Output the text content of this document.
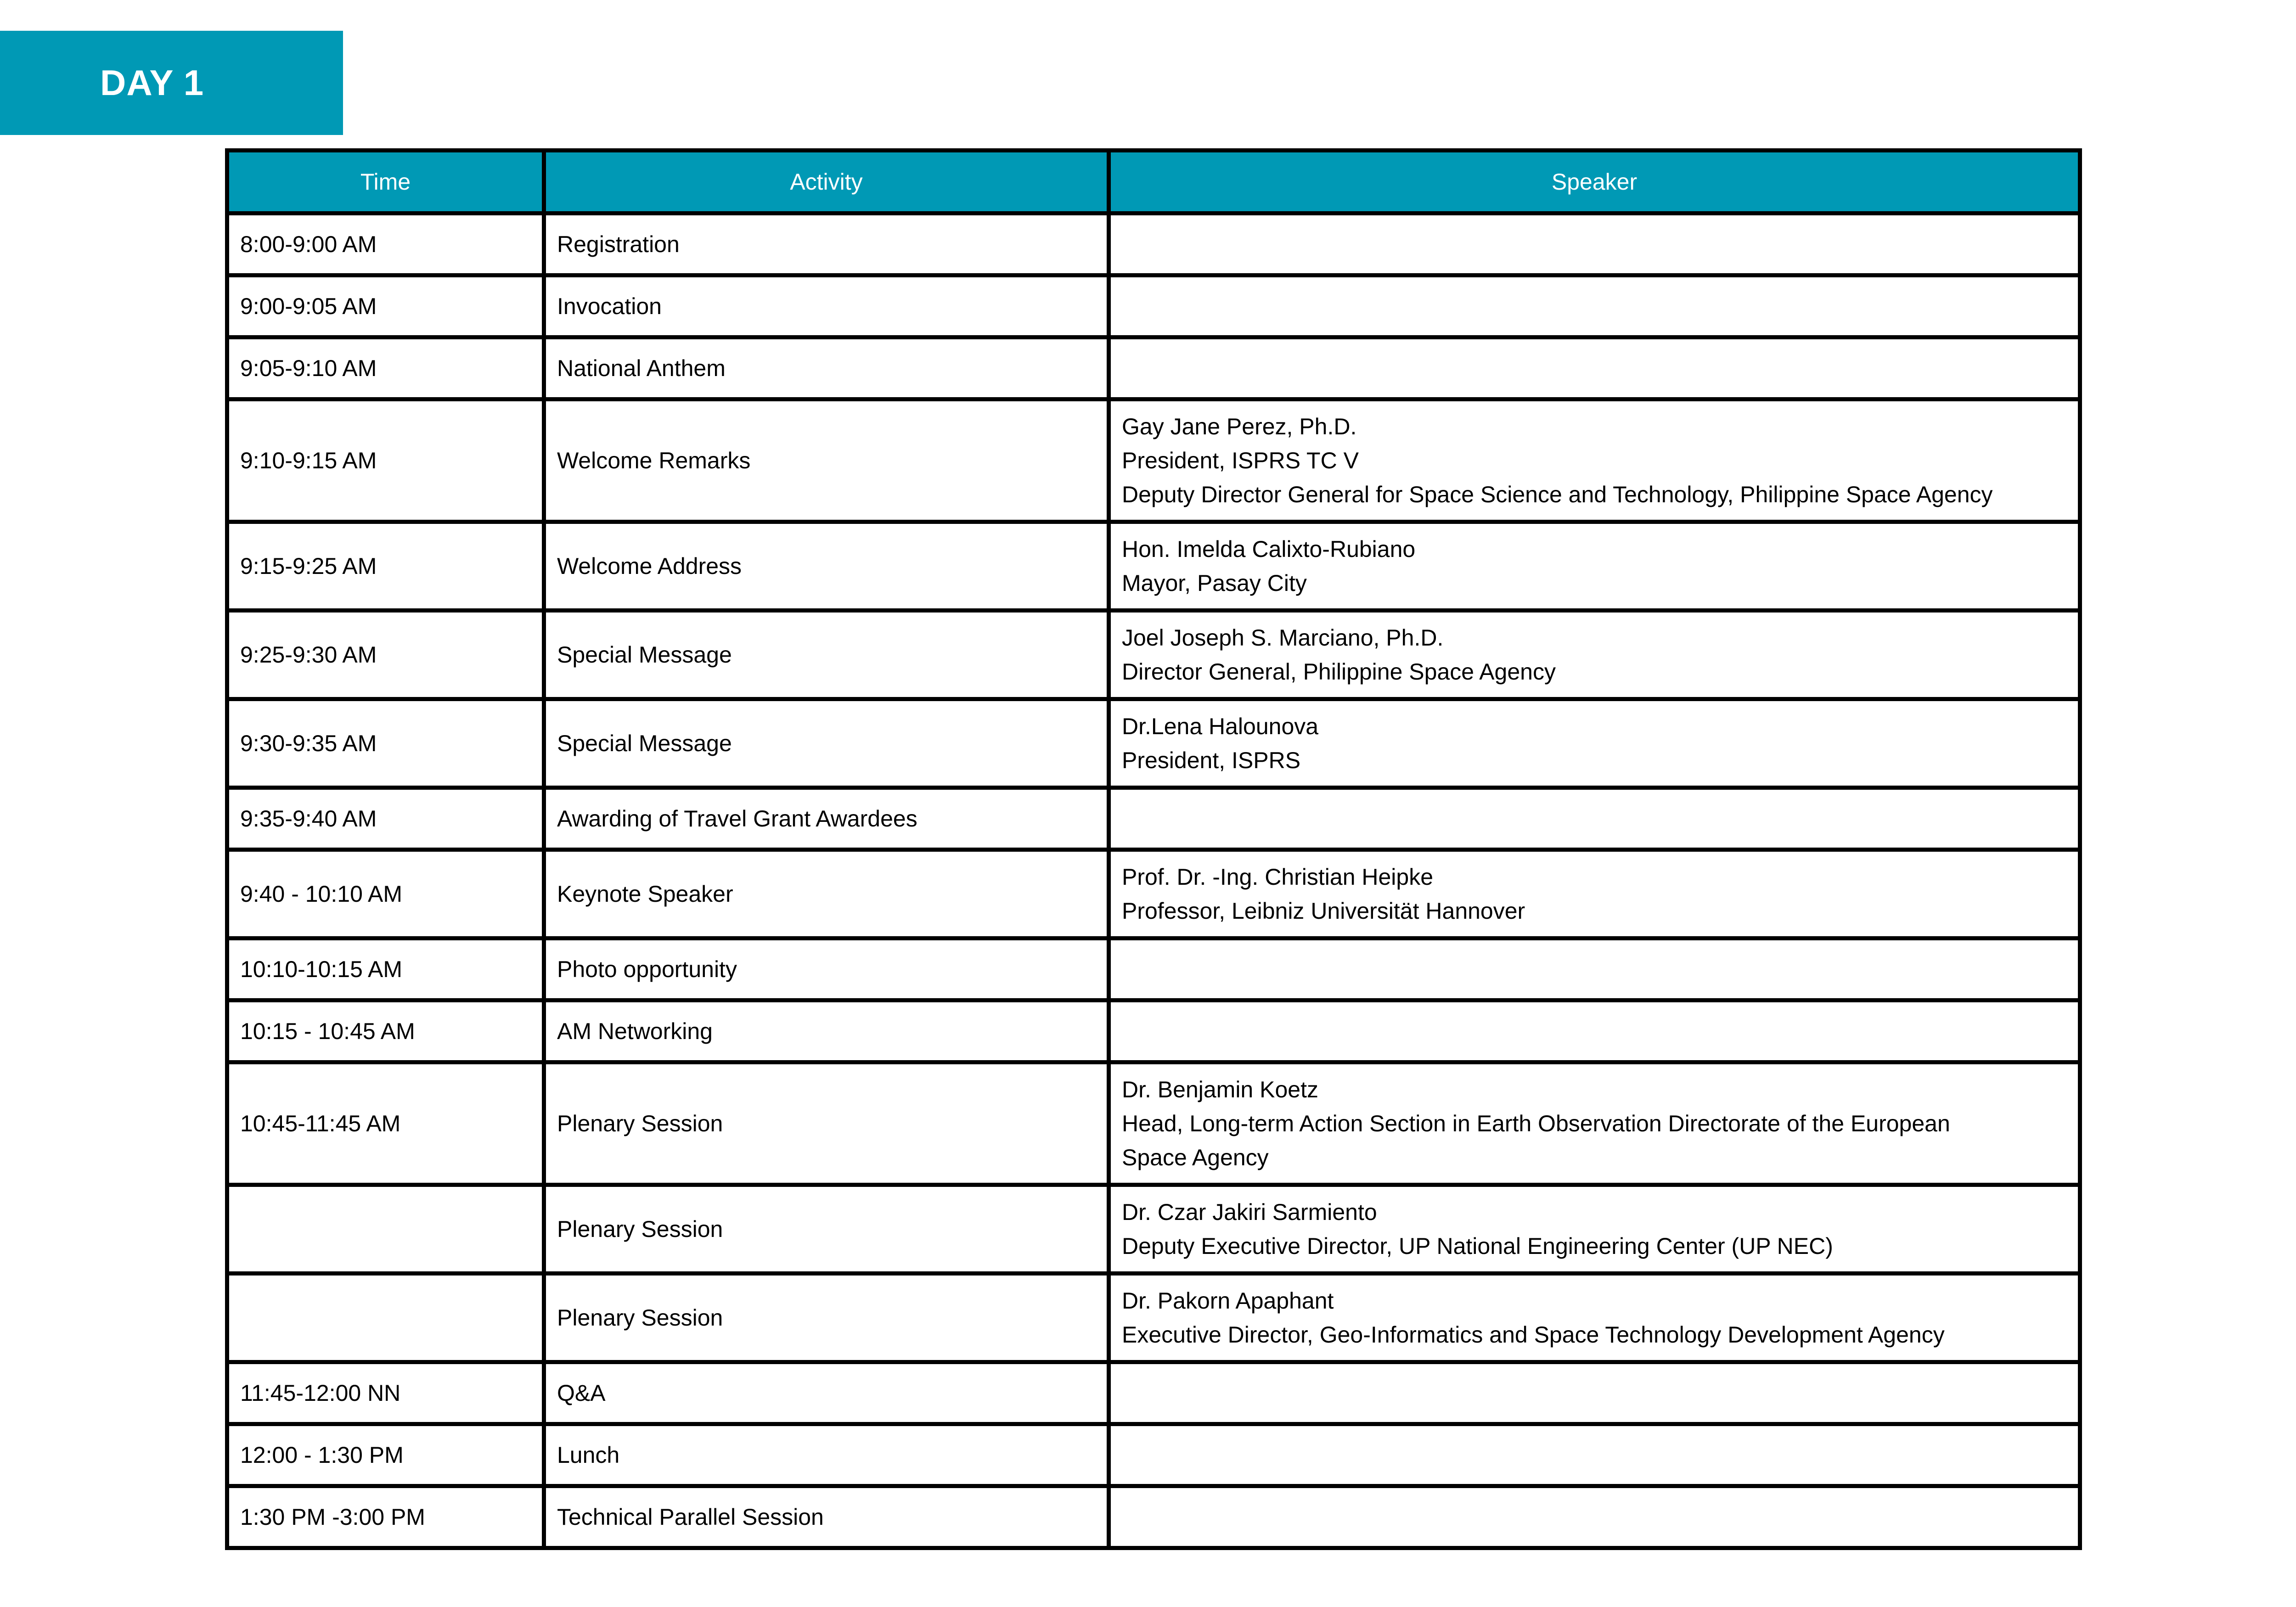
DAY 1
Time	Activity	Speaker
8:00-9:00 AM	Registration	
9:00-9:05 AM	Invocation	
9:05-9:10 AM	National Anthem	
9:10-9:15 AM	Welcome Remarks	Gay Jane Perez, Ph.D.
President, ISPRS TC V
Deputy Director General for Space Science and Technology, Philippine Space Agency

9:15-9:25 AM	Welcome Address	Hon. Imelda Calixto-Rubiano
Mayor, Pasay City

9:25-9:30 AM	Special Message	Joel Joseph S. Marciano, Ph.D.
Director General, Philippine Space Agency

9:30-9:35 AM	Special Message	Dr.Lena Halounova
President, ISPRS

9:35-9:40 AM	Awarding of Travel Grant Awardees	
9:40 - 10:10 AM	Keynote Speaker	Prof. Dr. -Ing. Christian Heipke
Professor, Leibniz Universität Hannover

10:10-10:15 AM	Photo opportunity	
10:15 - 10:45 AM	AM Networking	
10:45-11:45 AM	Plenary Session	Dr. Benjamin Koetz
Head, Long-term Action Section in Earth Observation Directorate of the European
Space Agency

	Plenary Session	Dr. Czar Jakiri Sarmiento
Deputy Executive Director, UP National Engineering Center (UP NEC)

	Plenary Session	Dr. Pakorn Apaphant
Executive Director, Geo-Informatics and Space Technology Development Agency

11:45-12:00 NN	Q&A	
12:00 - 1:30 PM	Lunch	
1:30 PM -3:00 PM	Technical Parallel Session	
